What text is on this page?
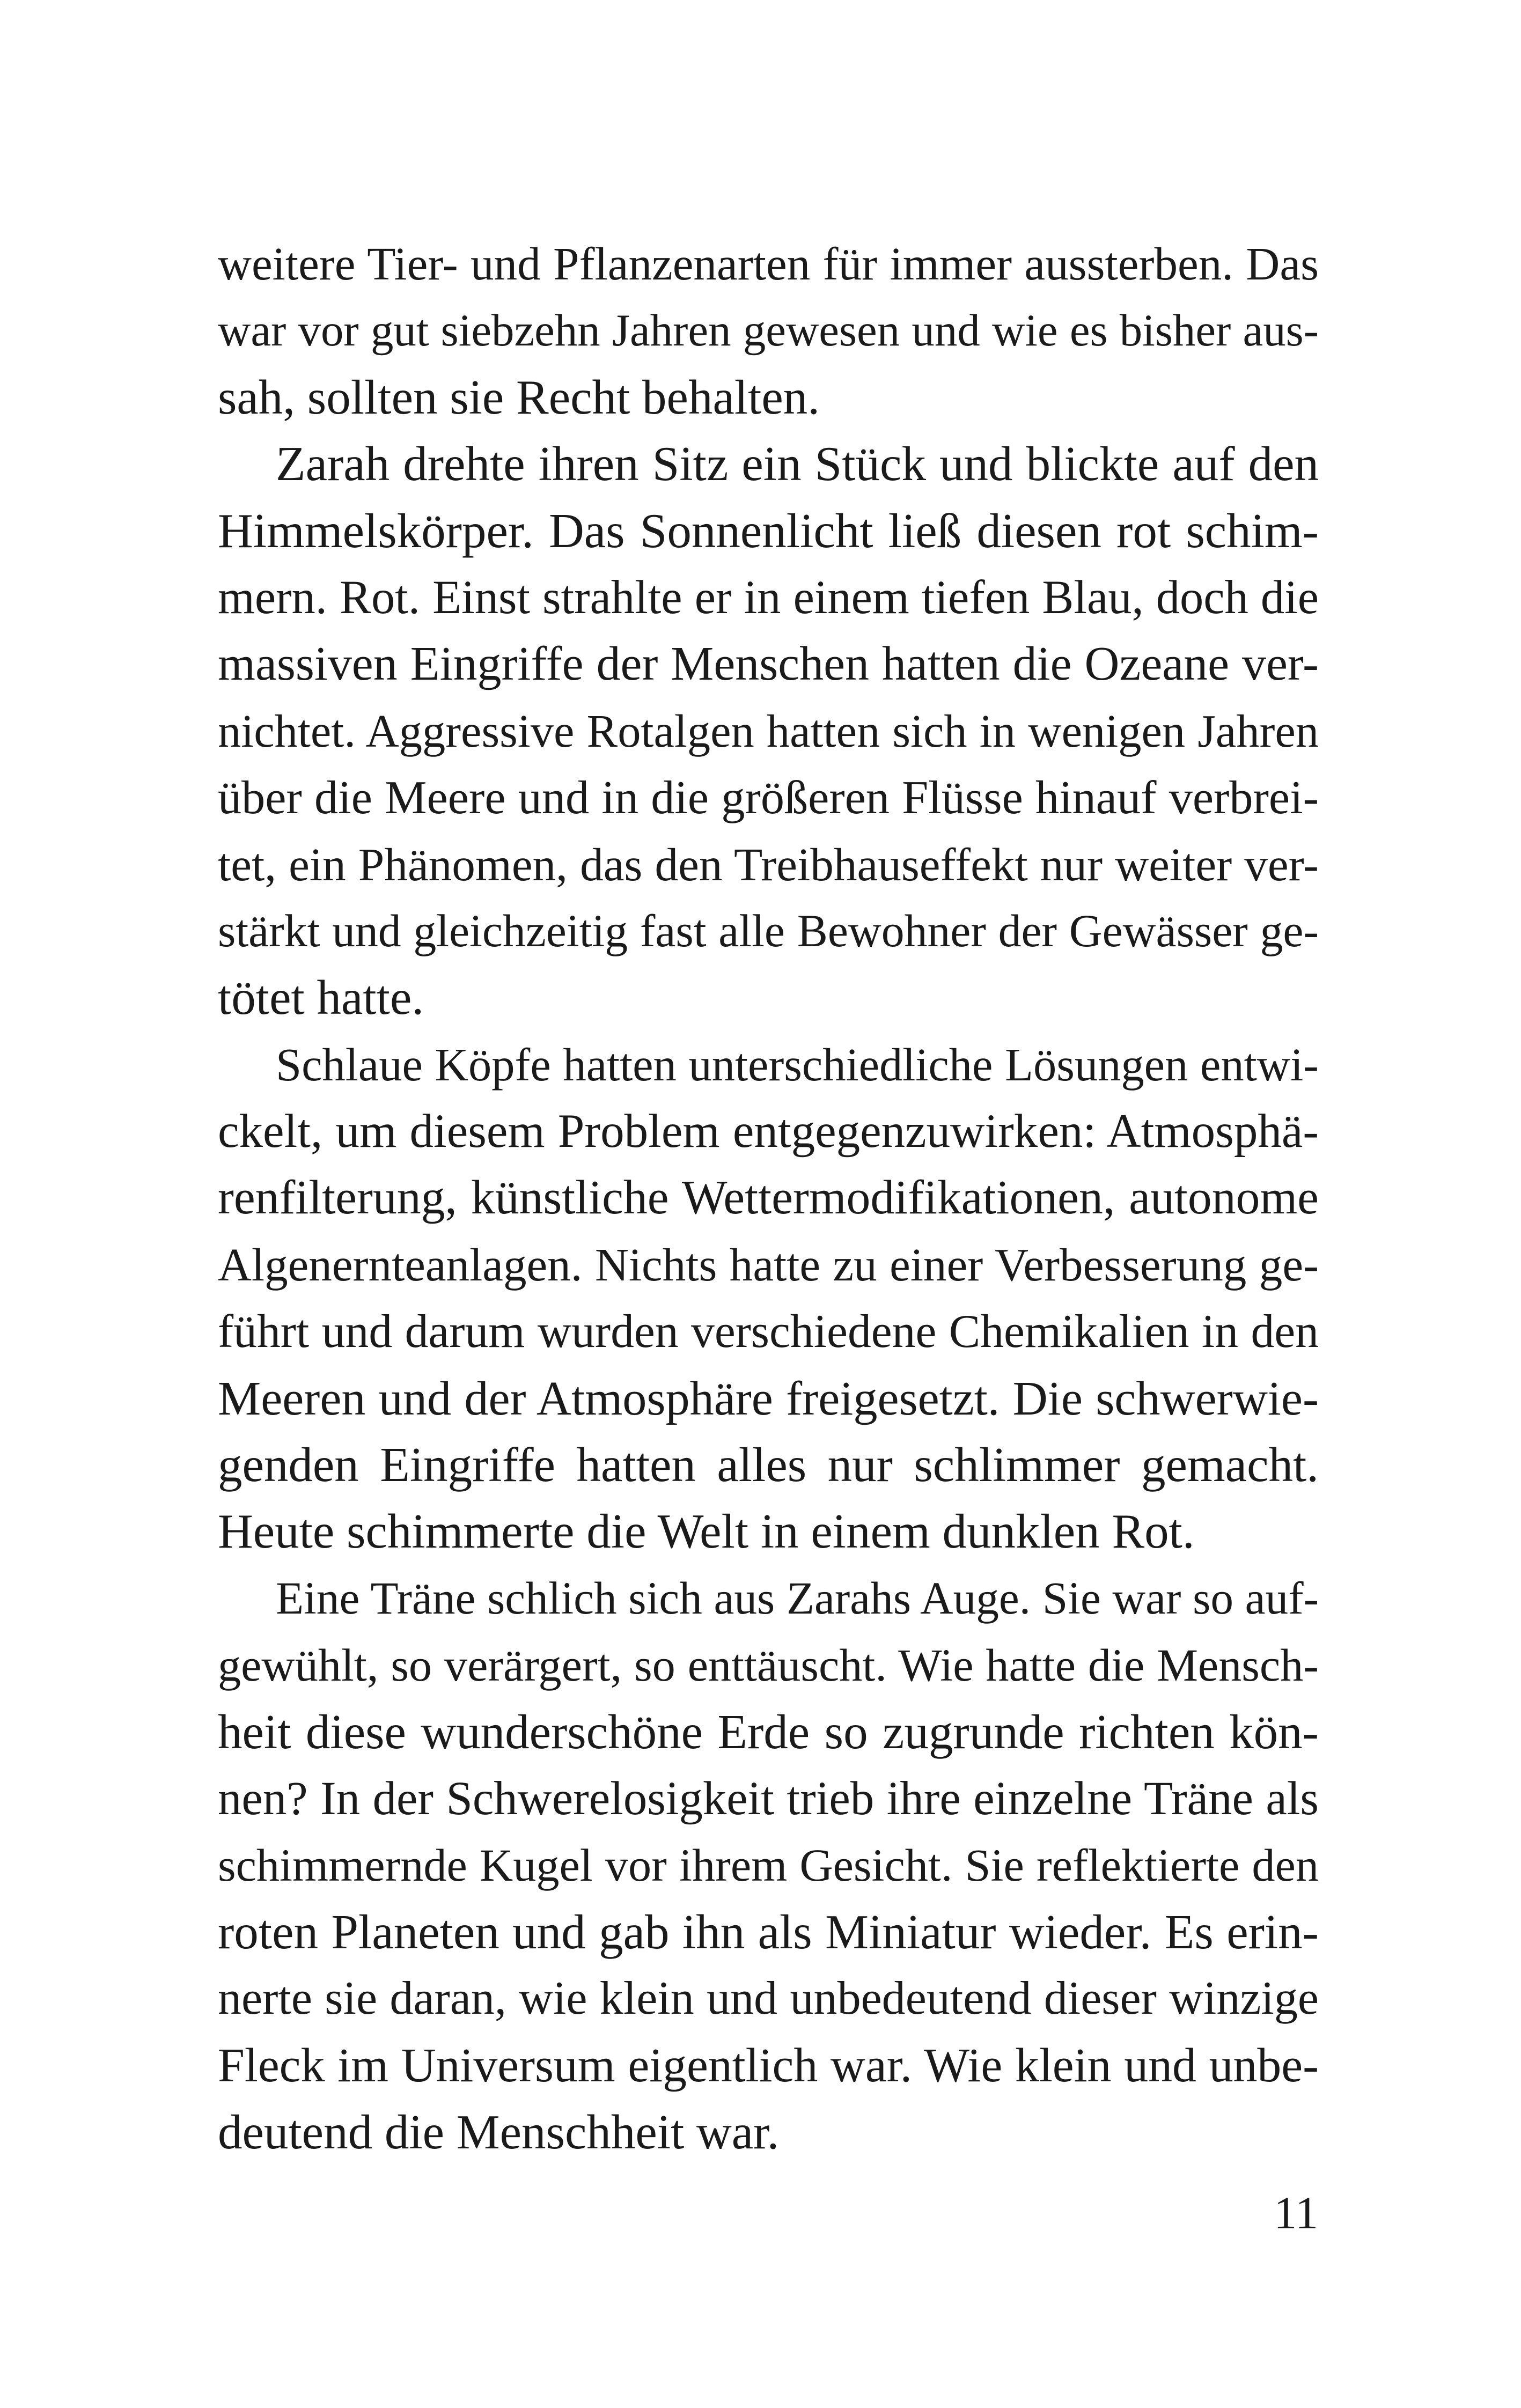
weitere Tier- und Pflanzenarten für immer aussterben. Das
war vor gut siebzehn Jahren gewesen und wie es bisher aus-
sah, sollten sie Recht behalten.
Zarah drehte ihren Sitz ein Stück und blickte auf den
Himmelskörper. Das Sonnenlicht ließ diesen rot schim-
mern. Rot. Einst strahlte er in einem tiefen Blau, doch die
massiven Eingriffe der Menschen hatten die Ozeane ver-
nichtet. Aggressive Rotalgen hatten sich in wenigen Jahren
über die Meere und in die größeren Flüsse hinauf verbrei-
tet, ein Phänomen, das den Treibhauseffekt nur weiter ver-
stärkt und gleichzeitig fast alle Bewohner der Gewässer ge-
tötet hatte.
Schlaue Köpfe hatten unterschiedliche Lösungen entwi-
ckelt, um diesem Problem entgegenzuwirken: Atmosphä-
renfilterung, künstliche Wettermodifikationen, autonome
Algenernteanlagen. Nichts hatte zu einer Verbesserung ge-
führt und darum wurden verschiedene Chemikalien in den
Meeren und der Atmosphäre freigesetzt. Die schwerwie-
genden Eingriffe hatten alles nur schlimmer gemacht.
Heute schimmerte die Welt in einem dunklen Rot.
Eine Träne schlich sich aus Zarahs Auge. Sie war so auf-
gewühlt, so verärgert, so enttäuscht. Wie hatte die Mensch-
heit diese wunderschöne Erde so zugrunde richten kön-
nen? In der Schwerelosigkeit trieb ihre einzelne Träne als
schimmernde Kugel vor ihrem Gesicht. Sie reflektierte den
roten Planeten und gab ihn als Miniatur wieder. Es erin-
nerte sie daran, wie klein und unbedeutend dieser winzige
Fleck im Universum eigentlich war. Wie klein und unbe-
deutend die Menschheit war.
11
